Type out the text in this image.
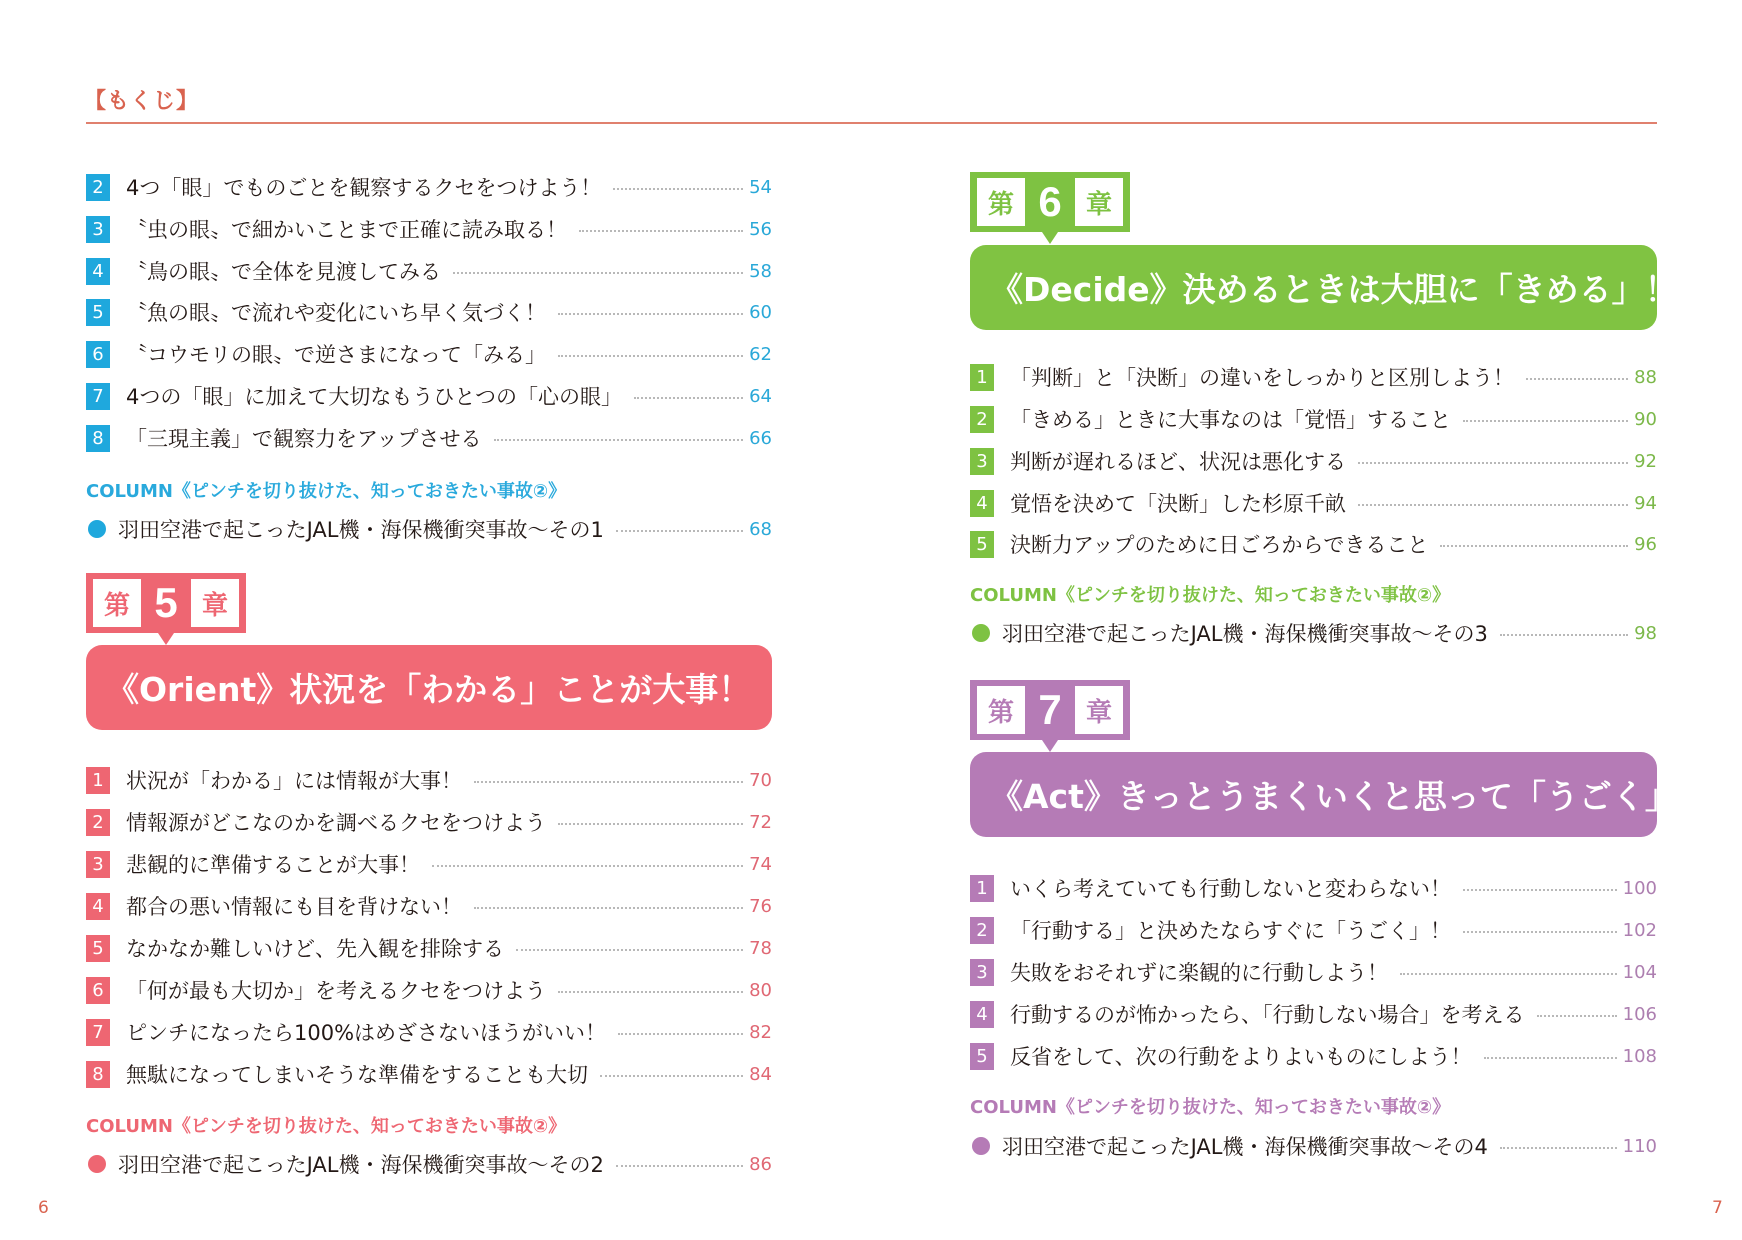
【もくじ】
2 4つ「眼」でものごとを観察するクセをつけよう！	54
3 〝虫の眼〟で細かいことまで正確に読み取る！	56
4 〝鳥の眼〟で全体を見渡してみる	58
5 〝魚の眼〟で流れや変化にいち早く気づく！	60
6 〝コウモリの眼〟で逆さまになって「みる」	62
7 4つの「眼」に加えて大切なもうひとつの「心の眼」	64
8 「三現主義」で観察力をアップさせる	66
COLUMN《ピンチを切り抜けた、知っておきたい事故②》
羽田空港で起こったJAL機・海保機衝突事故〜その1	68
第 5 章
《Orient》状況を「わかる」ことが大事！
1 状況が「わかる」には情報が大事！	70
2 情報源がどこなのかを調べるクセをつけよう	72
3 悲観的に準備することが大事！	74
4 都合の悪い情報にも目を背けない！	76
5 なかなか難しいけど、先入観を排除する	78
6 「何が最も大切か」を考えるクセをつけよう	80
7 ピンチになったら100%はめざさないほうがいい！	82
8 無駄になってしまいそうな準備をすることも大切	84
COLUMN《ピンチを切り抜けた、知っておきたい事故②》
羽田空港で起こったJAL機・海保機衝突事故〜その2	86
第 6 章
《Decide》決めるときは大胆に「きめる」！
1 「判断」と「決断」の違いをしっかりと区別しよう！	88
2 「きめる」ときに大事なのは「覚悟」すること	90
3 判断が遅れるほど、状況は悪化する	92
4 覚悟を決めて「決断」した杉原千畝	94
5 決断力アップのために日ごろからできること	96
COLUMN《ピンチを切り抜けた、知っておきたい事故②》
羽田空港で起こったJAL機・海保機衝突事故〜その3	98
第 7 章
《Act》きっとうまくいくと思って「うごく」！
1 いくら考えていても行動しないと変わらない！	100
2 「行動する」と決めたならすぐに「うごく」！	102
3 失敗をおそれずに楽観的に行動しよう！	104
4 行動するのが怖かったら、「行動しない場合」を考える	106
5 反省をして、次の行動をよりよいものにしよう！	108
COLUMN《ピンチを切り抜けた、知っておきたい事故②》
羽田空港で起こったJAL機・海保機衝突事故〜その4	110
6	7
